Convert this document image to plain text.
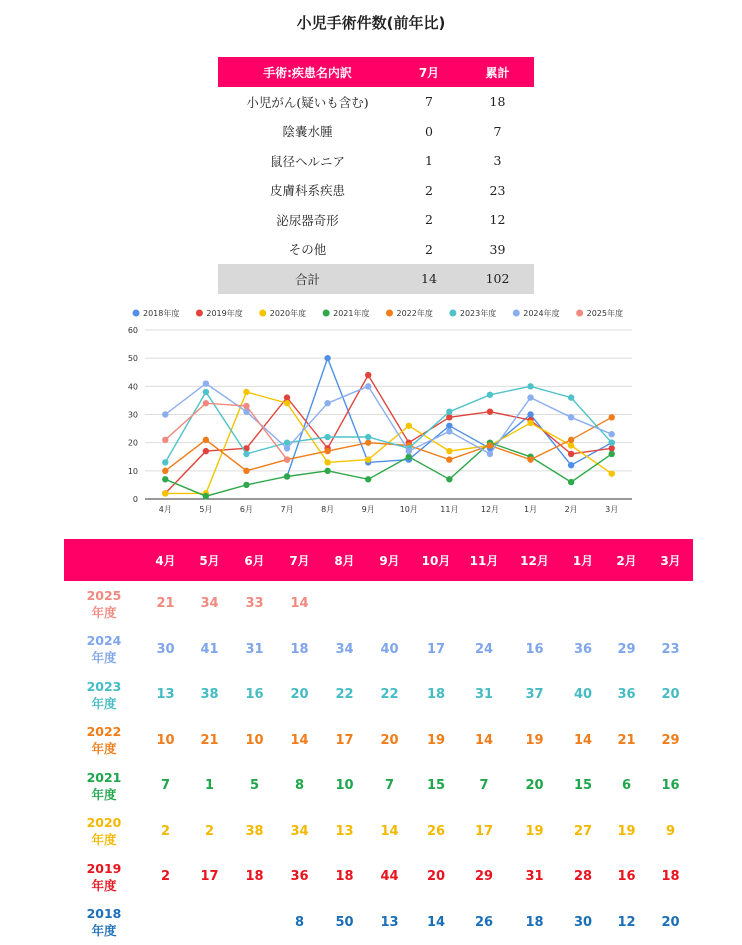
小児手術件数(前年比)
手術:疾患名内訳	7月	累計
小児がん(疑いも含む)	7	18
陰嚢水腫	0	7
鼠径ヘルニア	1	3
皮膚科系疾患	2	23
泌尿器奇形	2	12
その他	2	39
合計	14	102
0
10
20
30
40
50
60
4月	5月	6月	7月	8月	9月	10月	11月	12月	1月	2月	3月
2018年度	2019年度	2020年度	2021年度	2022年度	2023年度	2024年度	2025年度
	4月	5月	6月	7月	8月	9月	10月	11月	12月	1月	2月	3月

2025
年度	21	34	33	14								

2024
年度	30	41	31	18	34	40	17	24	16	36	29	23

2023
年度	13	38	16	20	22	22	18	31	37	40	36	20

2022
年度	10	21	10	14	17	20	19	14	19	14	21	29

2021
年度	7	1	5	8	10	7	15	7	20	15	6	16

2020
年度	2	2	38	34	13	14	26	17	19	27	19	9

2019
年度	2	17	18	36	18	44	20	29	31	28	16	18

2018
年度				8	50	13	14	26	18	30	12	20
